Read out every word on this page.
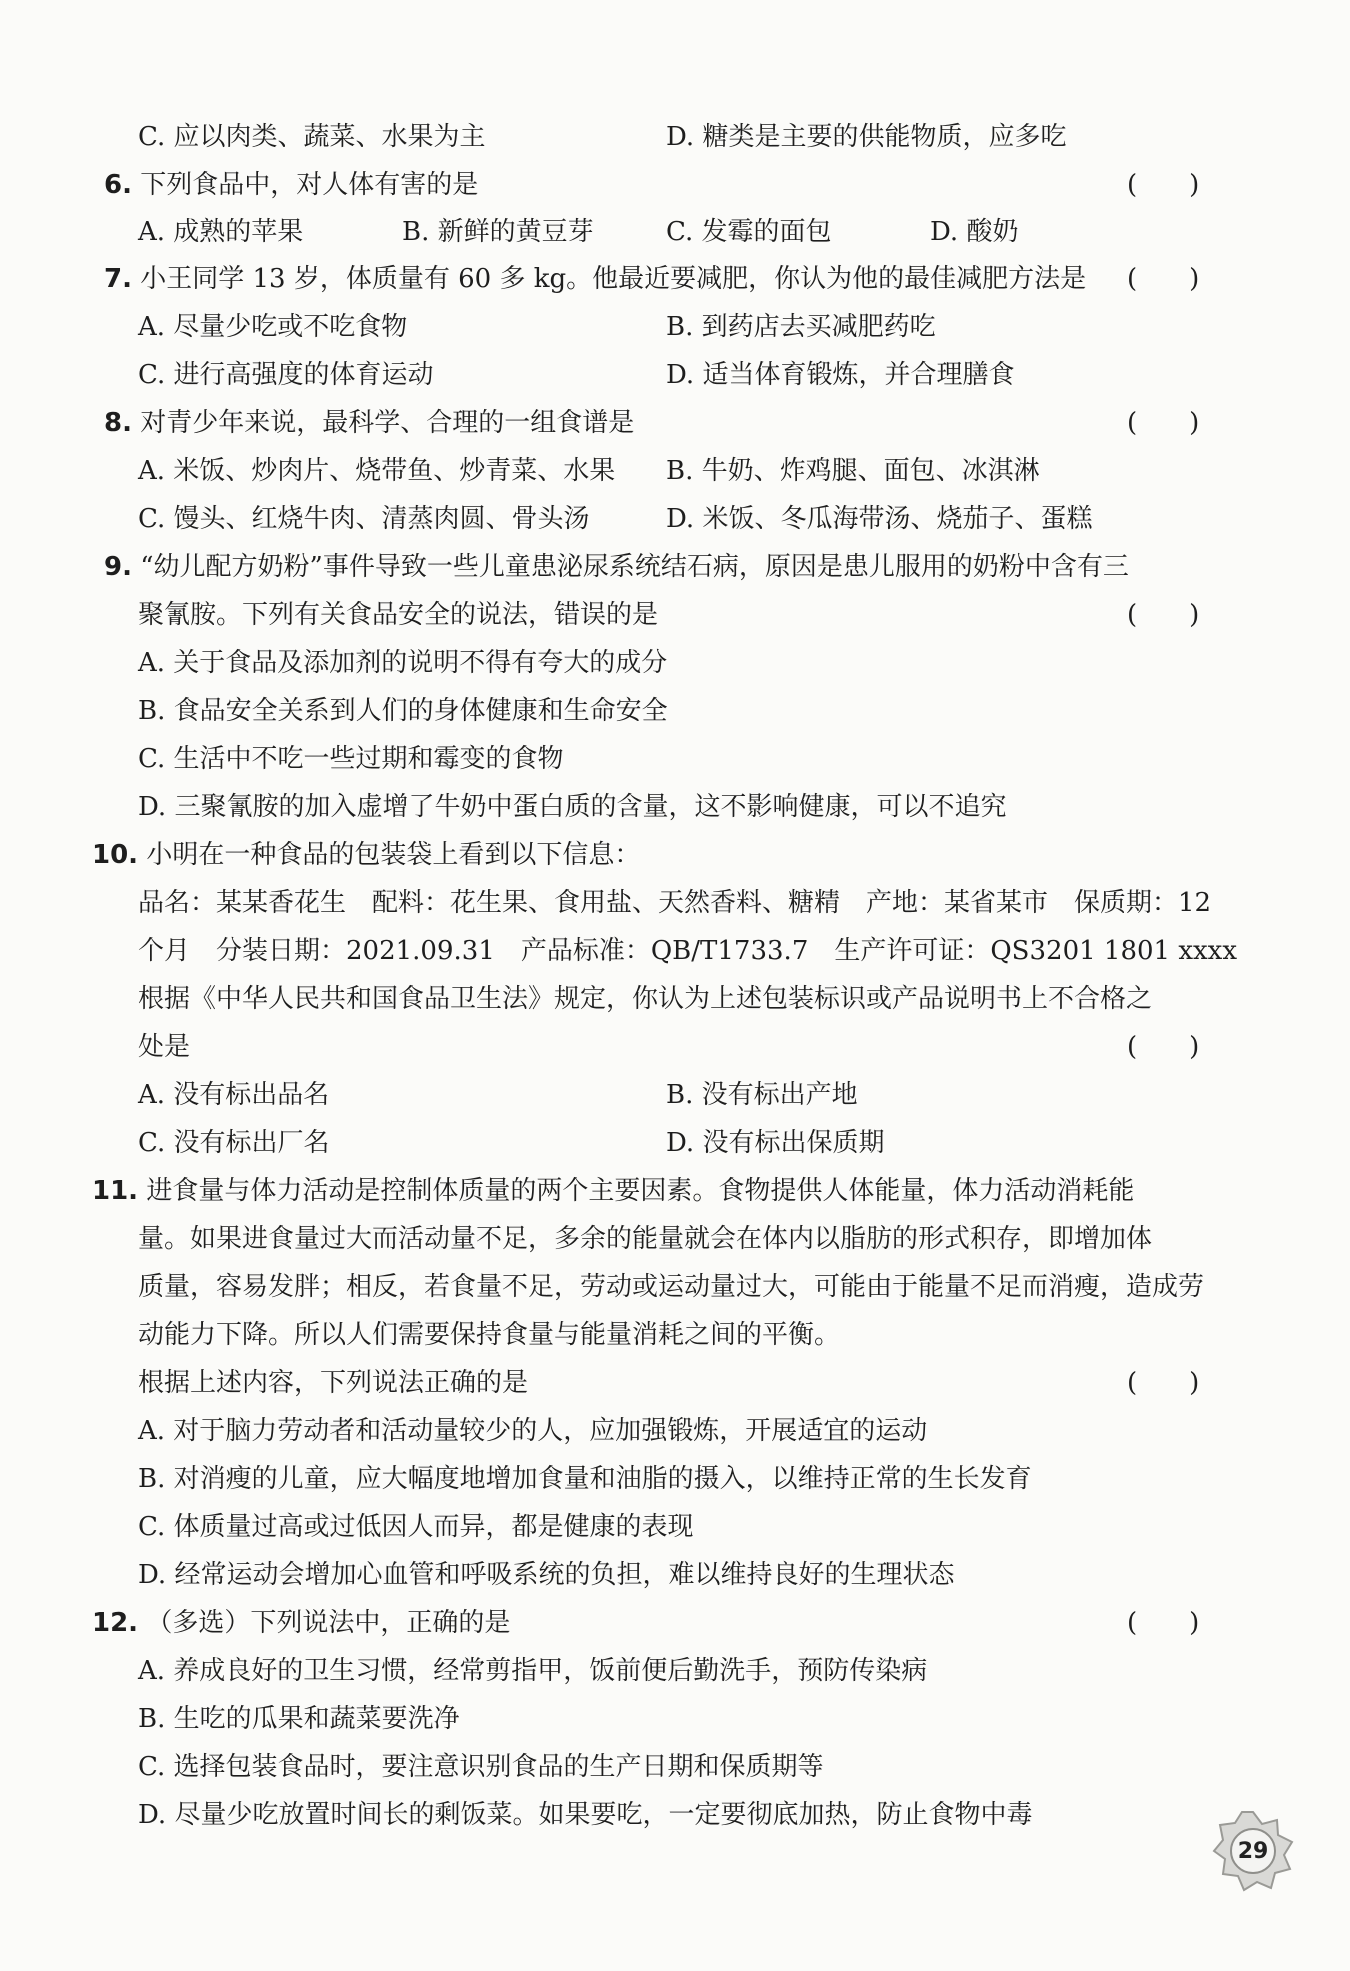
C. 应以肉类、蔬菜、水果为主	D. 糖类是主要的供能物质，应多吃
6. 下列食品中，对人体有害的是	(　　)
A. 成熟的苹果	B. 新鲜的黄豆芽	C. 发霉的面包	D. 酸奶
7. 小王同学 13 岁，体质量有 60 多 kg。他最近要减肥，你认为他的最佳减肥方法是 (　　)
A. 尽量少吃或不吃食物	B. 到药店去买减肥药吃
C. 进行高强度的体育运动	D. 适当体育锻炼，并合理膳食
8. 对青少年来说，最科学、合理的一组食谱是	(　　)
A. 米饭、炒肉片、烧带鱼、炒青菜、水果 B. 牛奶、炸鸡腿、面包、冰淇淋
C. 馒头、红烧牛肉、清蒸肉圆、骨头汤	D. 米饭、冬瓜海带汤、烧茄子、蛋糕
9. “幼儿配方奶粉”事件导致一些儿童患泌尿系统结石病，原因是患儿服用的奶粉中含有三
聚氰胺。下列有关食品安全的说法，错误的是	(　　)
A. 关于食品及添加剂的说明不得有夸大的成分
B. 食品安全关系到人们的身体健康和生命安全
C. 生活中不吃一些过期和霉变的食物
D. 三聚氰胺的加入虚增了牛奶中蛋白质的含量，这不影响健康，可以不追究
10. 小明在一种食品的包装袋上看到以下信息：
品名：某某香花生　配料：花生果、食用盐、天然香料、糖精　产地：某省某市　保质期：12
个月　分装日期：2021.09.31　产品标准：QB/T1733.7　生产许可证：QS3201 1801 xxxx
根据《中华人民共和国食品卫生法》规定，你认为上述包装标识或产品说明书上不合格之
处是	(　　)
A. 没有标出品名	B. 没有标出产地
C. 没有标出厂名	D. 没有标出保质期
11. 进食量与体力活动是控制体质量的两个主要因素。食物提供人体能量，体力活动消耗能
量。如果进食量过大而活动量不足，多余的能量就会在体内以脂肪的形式积存，即增加体
质量，容易发胖；相反，若食量不足，劳动或运动量过大，可能由于能量不足而消瘦，造成劳
动能力下降。所以人们需要保持食量与能量消耗之间的平衡。
根据上述内容，下列说法正确的是	(　　)
A. 对于脑力劳动者和活动量较少的人，应加强锻炼，开展适宜的运动
B. 对消瘦的儿童，应大幅度地增加食量和油脂的摄入，以维持正常的生长发育
C. 体质量过高或过低因人而异，都是健康的表现
D. 经常运动会增加心血管和呼吸系统的负担，难以维持良好的生理状态
12. （多选）下列说法中，正确的是	(　　)
A. 养成良好的卫生习惯，经常剪指甲，饭前便后勤洗手，预防传染病
B. 生吃的瓜果和蔬菜要洗净
C. 选择包装食品时，要注意识别食品的生产日期和保质期等
D. 尽量少吃放置时间长的剩饭菜。如果要吃，一定要彻底加热，防止食物中毒
29
